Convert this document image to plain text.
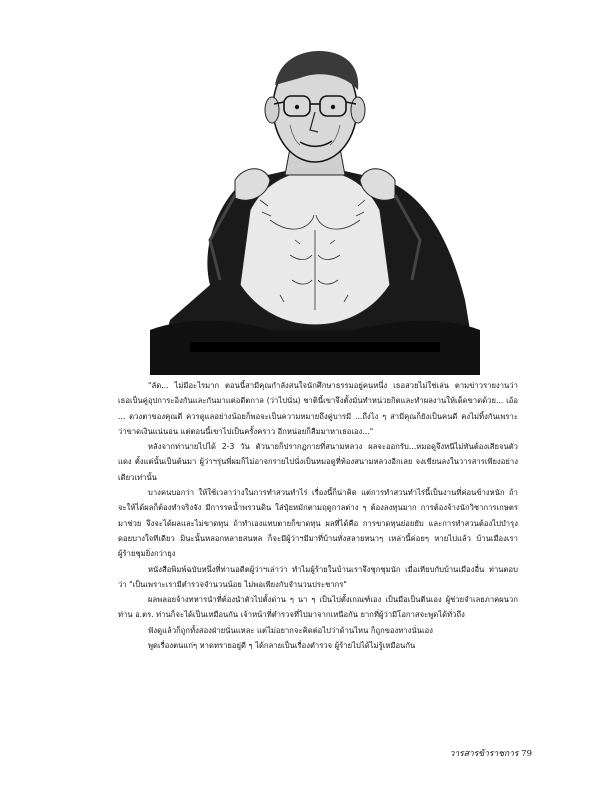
"ลัด... ไม่มีอะไรมาก ตอนนี้สามีคุณกำลังสนใจนักศึกษาธรรมอยู่คนหนึ่ง เธอสวยไม่ใช่เล่น ตามข่าวรายงานว่า เธอเป็นคู่อุปการะอิงกันและกันมาแต่อดีตกาล (ว่าไปนั่น) ชาตินี้เขาจึงตั้งมั่นทำหน่วยกิตและทำผลงานให้เด็ดขาดด้วย... เอ้อ ... ดวงตาของคุณดี ควรดูแลอย่างน้อยก็พอจะเป็นความหมายถึงคู่บารมี ...ถึงไง ๆ สามีคุณก็ยังเป็นคนดี คงไม่ทิ้งกันเพราะว่าขาดเงินแน่นอน แต่ตอนนี้เขาไปเป็นครั้งคราว อีกหน่อยก็ลืมมาหาเธอเอง..."

หลังจากท่านายไปได้ 2-3 วัน ตัวนายก็ปรากฏกายที่สนามหลวง ผลจะออกรับ...หมอดูจึงหนีไม่ทันต้องเสียจนตัวแดง ตั้งแต่นั้นเป็นต้นมา ผู้ว่าฯรุ่นพี่ผมก็ไม่อาจกรายไปนั่งเป็นหมอดูที่ท้องสนามหลวงอีกเลย จงเขียนลงในวารสารเพียงอย่างเดียวเท่านั้น

บางคนบอกว่า ให้ใช้เวลาว่างในการทำสวนทำไร่ เรื่องนี้ก็น่าคิด แต่การทำสวนทำไร่นี้เป็นงานที่ค่อนข้างหนัก ถ้าจะให้ได้ผลก็ต้องทำจริงจัง มีการรดน้ำพรวนดิน ใส่ปุ๋ยหมักตามฤดูกาลต่าง ๆ ต้องลงทุนมาก การต้องจ้างนักวิชาการเกษตรมาช่วย จึงจะได้ผลและไม่ขาดทุน ถ้าทำเองแทบตายก็ขาดทุน ผลที่ได้คือ การขาดทุนย่อยยับ และการทำสวนต้องไปบำรุงดอยบางใจทีเดียว มินะนั้นหลอกหลายสนหล ก็จะมีผู้ว่าฯมีมาที่บ้านทั่งสลายหนาๆ เหล่านี้ค่อยๆ หายไปแล้ว บ้านเมืองเรา ผู้ร้ายชุมยิ่งกว่ายุง

หนังสือพิมพ์ฉบับหนึ่งที่ท่านอดีตผู้ว่าฯเล่าว่า ทำไมผู้ร้ายในบ้านเราจึงชุกชุมนัก เมื่อเทียบกับบ้านเมืองอื่น ท่านตอบว่า "เป็นเพราะเรามีตำรวจจำนวนน้อย ไม่พอเพียงกับจำนวนประชากร"

ผลพลอยจ้างทหารนำที่ต้องนำตัวไปตั้งด่าน ๆ นา ๆ เป็นไปตั้งเกณฑ์เอง เป็นมือเป็นตีนเอง ผู้ช่วยจำเลยภาคผนวกท่าน อ.ตร. ท่านก็จะได้เป็นเหมือนกัน เจ้าหน้าที่ตำรวจที่ไปมาจากเหนือกัน ยากที่ผู้ว่ามีโอกาสจะพูดได้ทั่วถึง

ฟังดูแล้วก็ถูกทั้งสองฝ่ายนั่นแหละ แต่ไม่อยากจะคิดต่อไปว่าด้านไหน ก็ถูกของทางนั่นเอง

พูดเรื่องตนแก่ๆ หาดทรายอยู่ดี ๆ ได้กลายเป็นเรื่องตำรวจ ผู้ร้ายไปได้ไม่รู้เหมือนกัน

วารสารข้าราชการ 79
